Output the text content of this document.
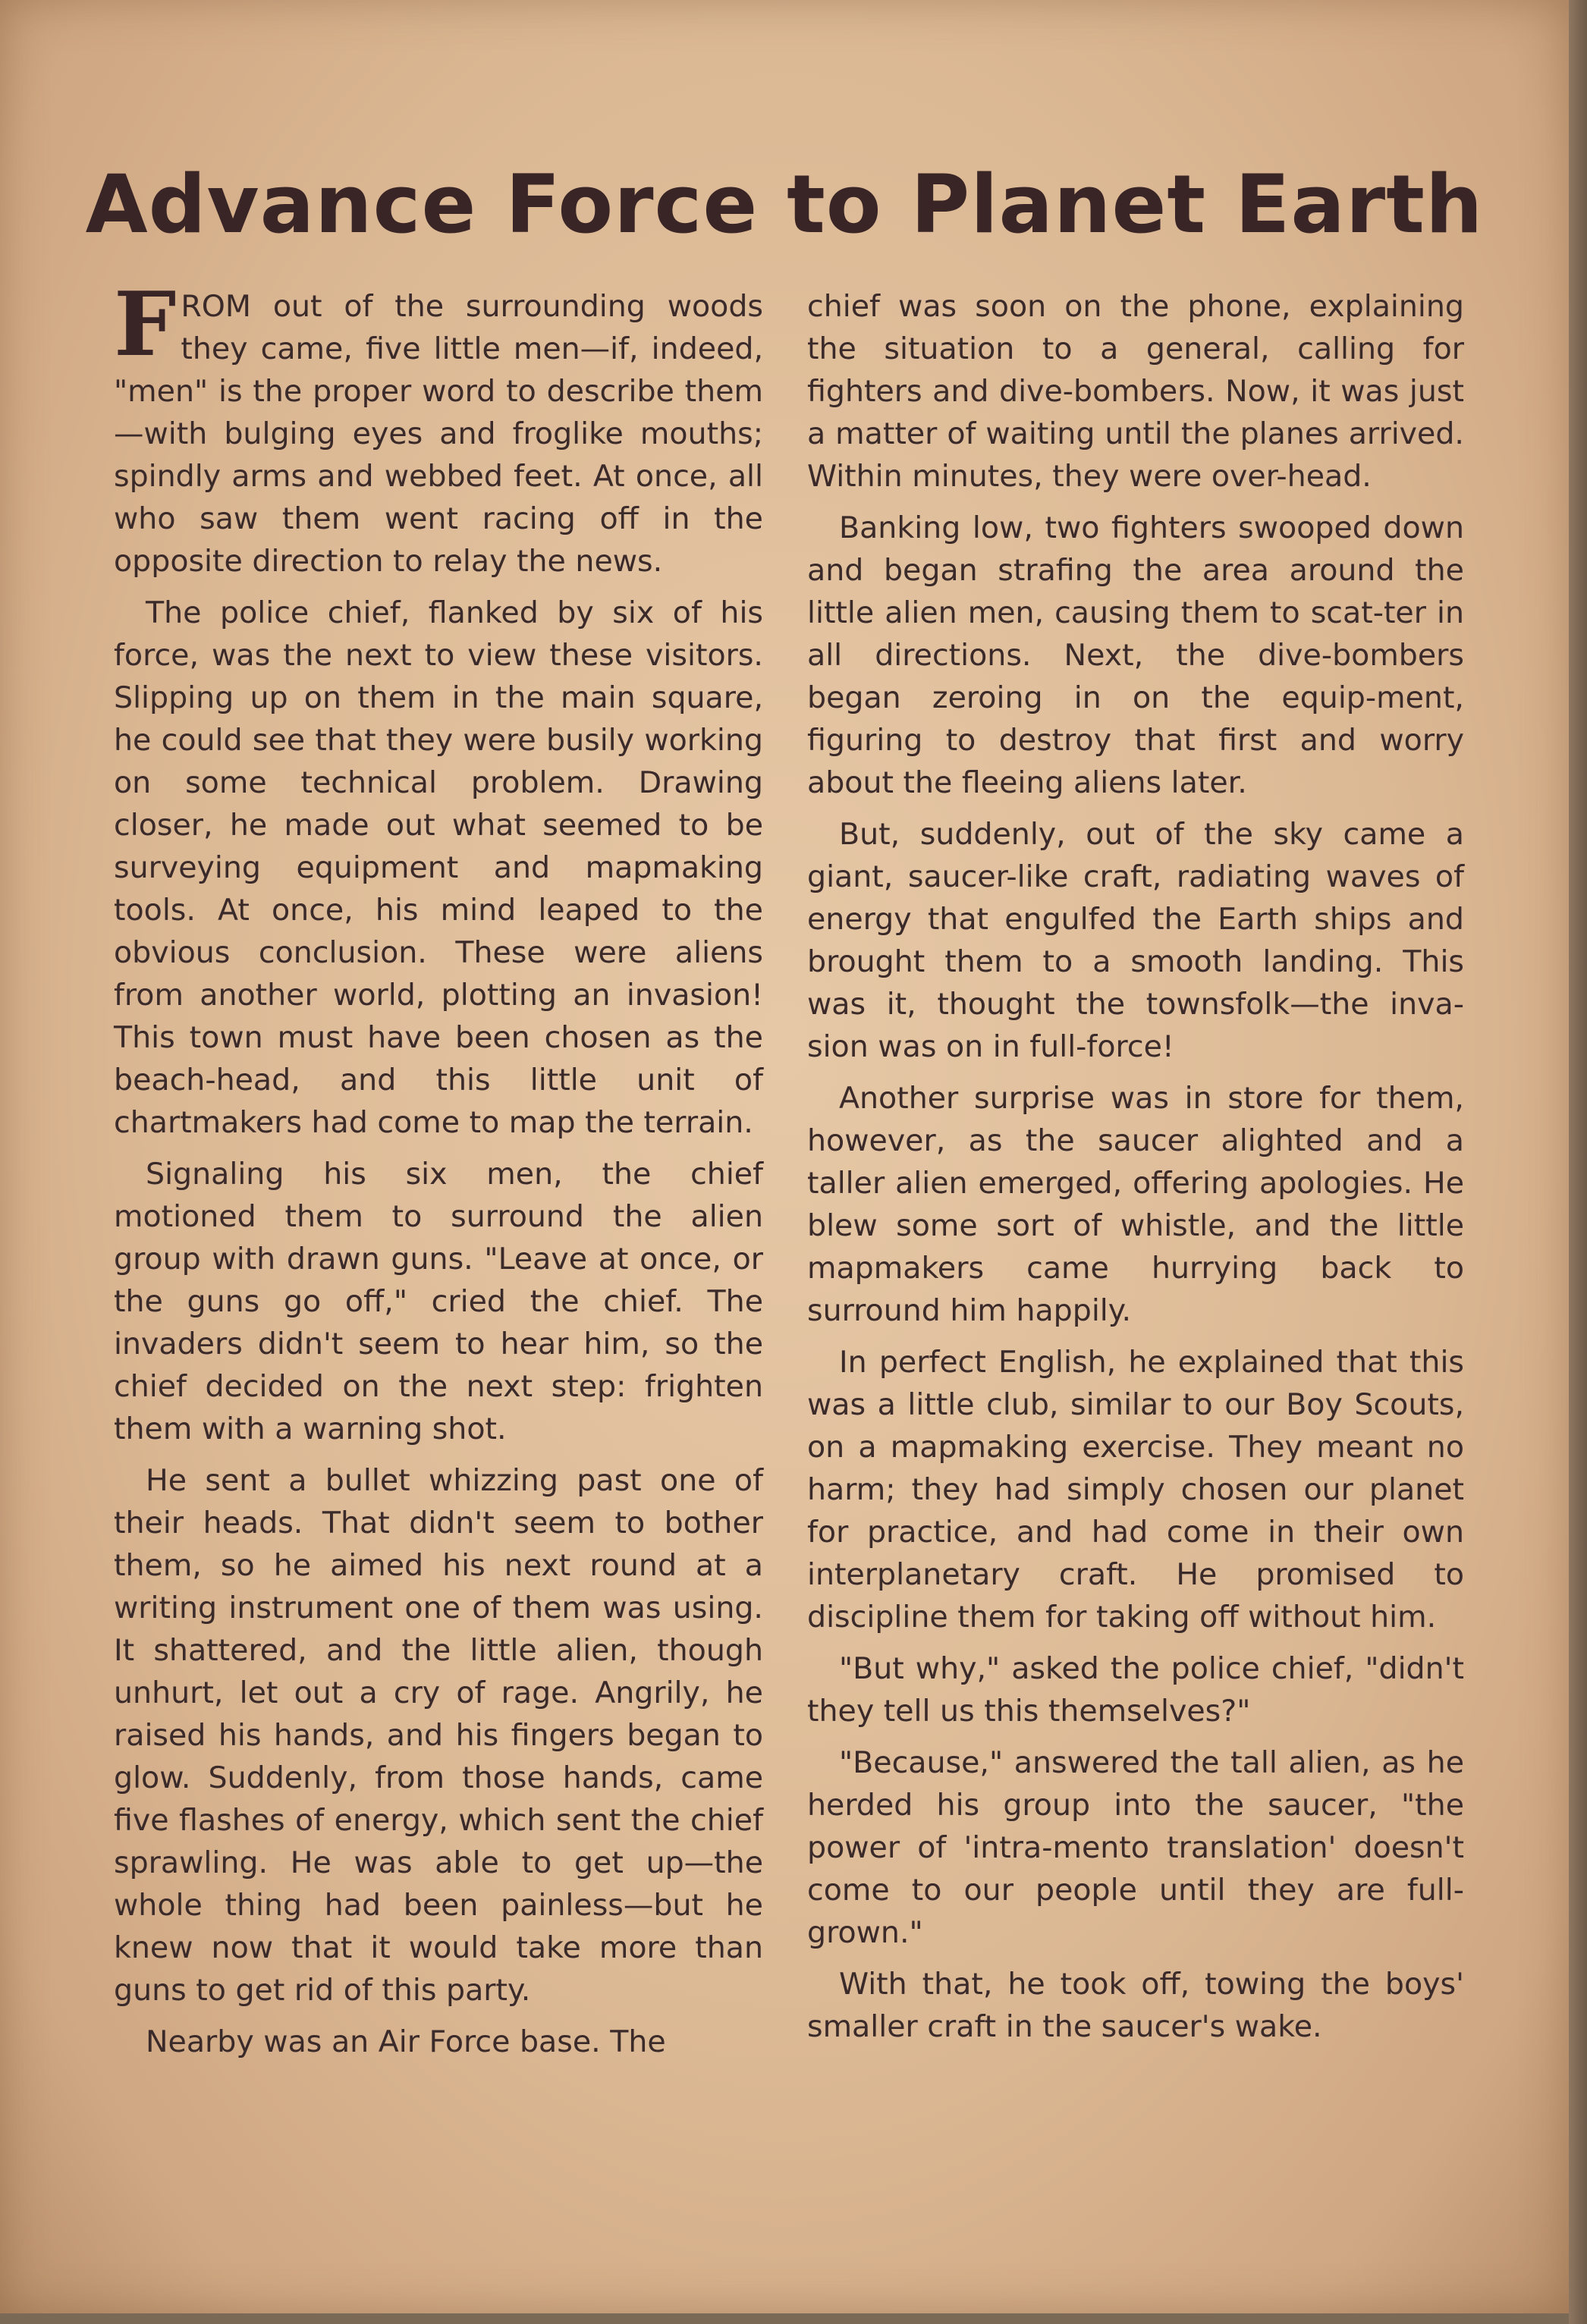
Advance Force to Planet Earth

FROM out of the surrounding woods they came, five little men—if, indeed, "men" is the proper word to describe them—with bulging eyes and froglike mouths; spindly arms and webbed feet. At once, all who saw them went racing off in the opposite direction to relay the news.

The police chief, flanked by six of his force, was the next to view these visitors. Slipping up on them in the main square, he could see that they were busily working on some technical problem. Drawing closer, he made out what seemed to be surveying equipment and mapmaking tools. At once, his mind leaped to the obvious conclusion. These were aliens from another world, plotting an invasion! This town must have been chosen as the beach-head, and this little unit of chartmakers had come to map the terrain.

Signaling his six men, the chief motioned them to surround the alien group with drawn guns. "Leave at once, or the guns go off," cried the chief. The invaders didn't seem to hear him, so the chief decided on the next step: frighten them with a warning shot.

He sent a bullet whizzing past one of their heads. That didn't seem to bother them, so he aimed his next round at a writing instrument one of them was using. It shattered, and the little alien, though unhurt, let out a cry of rage. Angrily, he raised his hands, and his fingers began to glow. Suddenly, from those hands, came five flashes of energy, which sent the chief sprawling. He was able to get up—the whole thing had been painless—but he knew now that it would take more than guns to get rid of this party.

Nearby was an Air Force base. The

chief was soon on the phone, explaining the situation to a general, calling for fighters and dive-bombers. Now, it was just a matter of waiting until the planes arrived. Within minutes, they were over-head.

Banking low, two fighters swooped down and began strafing the area around the little alien men, causing them to scat-ter in all directions. Next, the dive-bombers began zeroing in on the equip-ment, figuring to destroy that first and worry about the fleeing aliens later.

But, suddenly, out of the sky came a giant, saucer-like craft, radiating waves of energy that engulfed the Earth ships and brought them to a smooth landing. This was it, thought the townsfolk—the inva-sion was on in full-force!

Another surprise was in store for them, however, as the saucer alighted and a taller alien emerged, offering apologies. He blew some sort of whistle, and the little mapmakers came hurrying back to surround him happily.

In perfect English, he explained that this was a little club, similar to our Boy Scouts, on a mapmaking exercise. They meant no harm; they had simply chosen our planet for practice, and had come in their own interplanetary craft. He promised to discipline them for taking off without him.

"But why," asked the police chief, "didn't they tell us this themselves?"

"Because," answered the tall alien, as he herded his group into the saucer, "the power of 'intra-mento translation' doesn't come to our people until they are full-grown."

With that, he took off, towing the boys' smaller craft in the saucer's wake.
